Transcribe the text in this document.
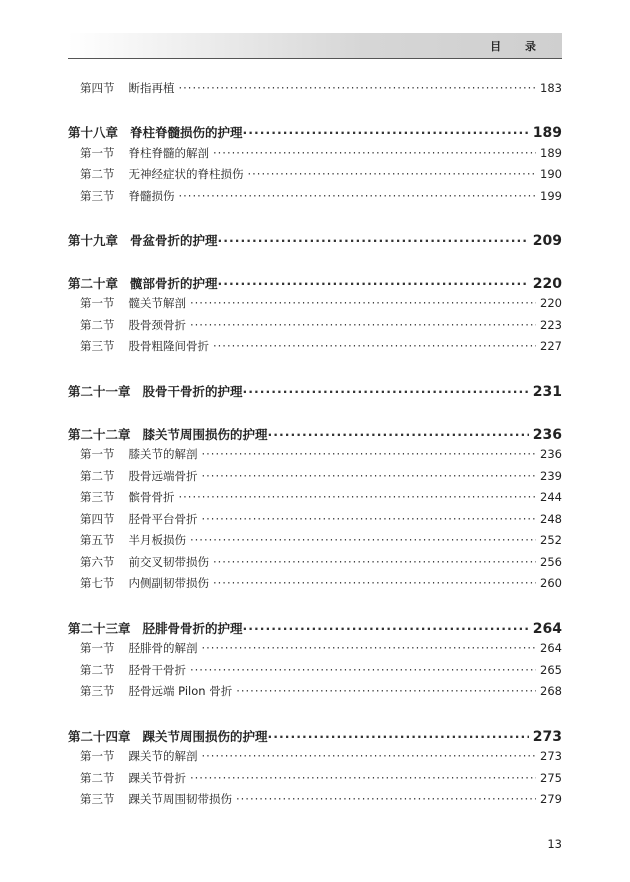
目 录
第四节 断指再植 ·····	183
第十八章 脊柱脊髓损伤的护理 ·····	189
第一节 脊柱脊髓的解剖 ·····	189
第二节 无神经症状的脊柱损伤 ·····	190
第三节 脊髓损伤 ·····	199
第十九章 骨盆骨折的护理 ·····	209
第二十章 髋部骨折的护理 ·····	220
第一节 髋关节解剖 ·····	220
第二节 股骨颈骨折 ·····	223
第三节 股骨粗隆间骨折 ·····	227
第二十一章 股骨干骨折的护理 ·····	231
第二十二章 膝关节周围损伤的护理 ·····	236
第一节 膝关节的解剖 ·····	236
第二节 股骨远端骨折 ·····	239
第三节 髌骨骨折 ·····	244
第四节 胫骨平台骨折 ·····	248
第五节 半月板损伤 ·····	252
第六节 前交叉韧带损伤 ·····	256
第七节 内侧副韧带损伤 ·····	260
第二十三章 胫腓骨骨折的护理 ·····	264
第一节 胫腓骨的解剖 ·····	264
第二节 胫骨干骨折 ·····	265
第三节 胫骨远端 Pilon 骨折 ·····	268
第二十四章 踝关节周围损伤的护理 ·····	273
第一节 踝关节的解剖 ·····	273
第二节 踝关节骨折 ·····	275
第三节 踝关节周围韧带损伤 ·····	279
13
